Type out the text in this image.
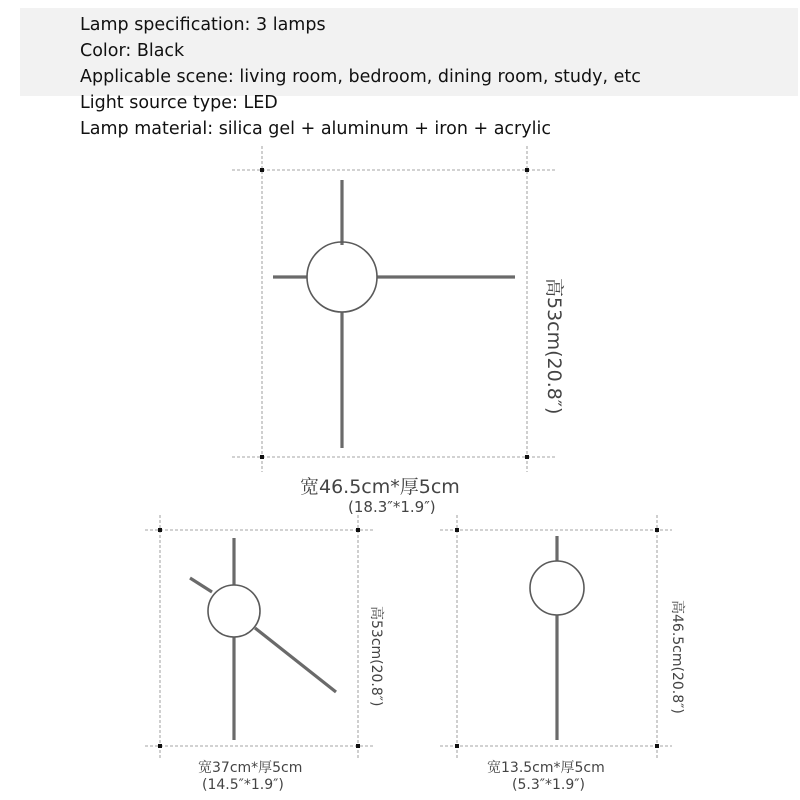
Lamp specification: 3 lamps
Color: Black
Applicable scene: living room, bedroom, dining room, study, etc
Light source type: LED
Lamp material: silica gel + aluminum + iron + acrylic
高53cm(20.8″)
宽46.5cm*厚5cm
(18.3″*1.9″)
高53cm(20.8″)
宽37cm*厚5cm
(14.5″*1.9″)
高46.5cm(20.8″)
宽13.5cm*厚5cm
(5.3″*1.9″)
